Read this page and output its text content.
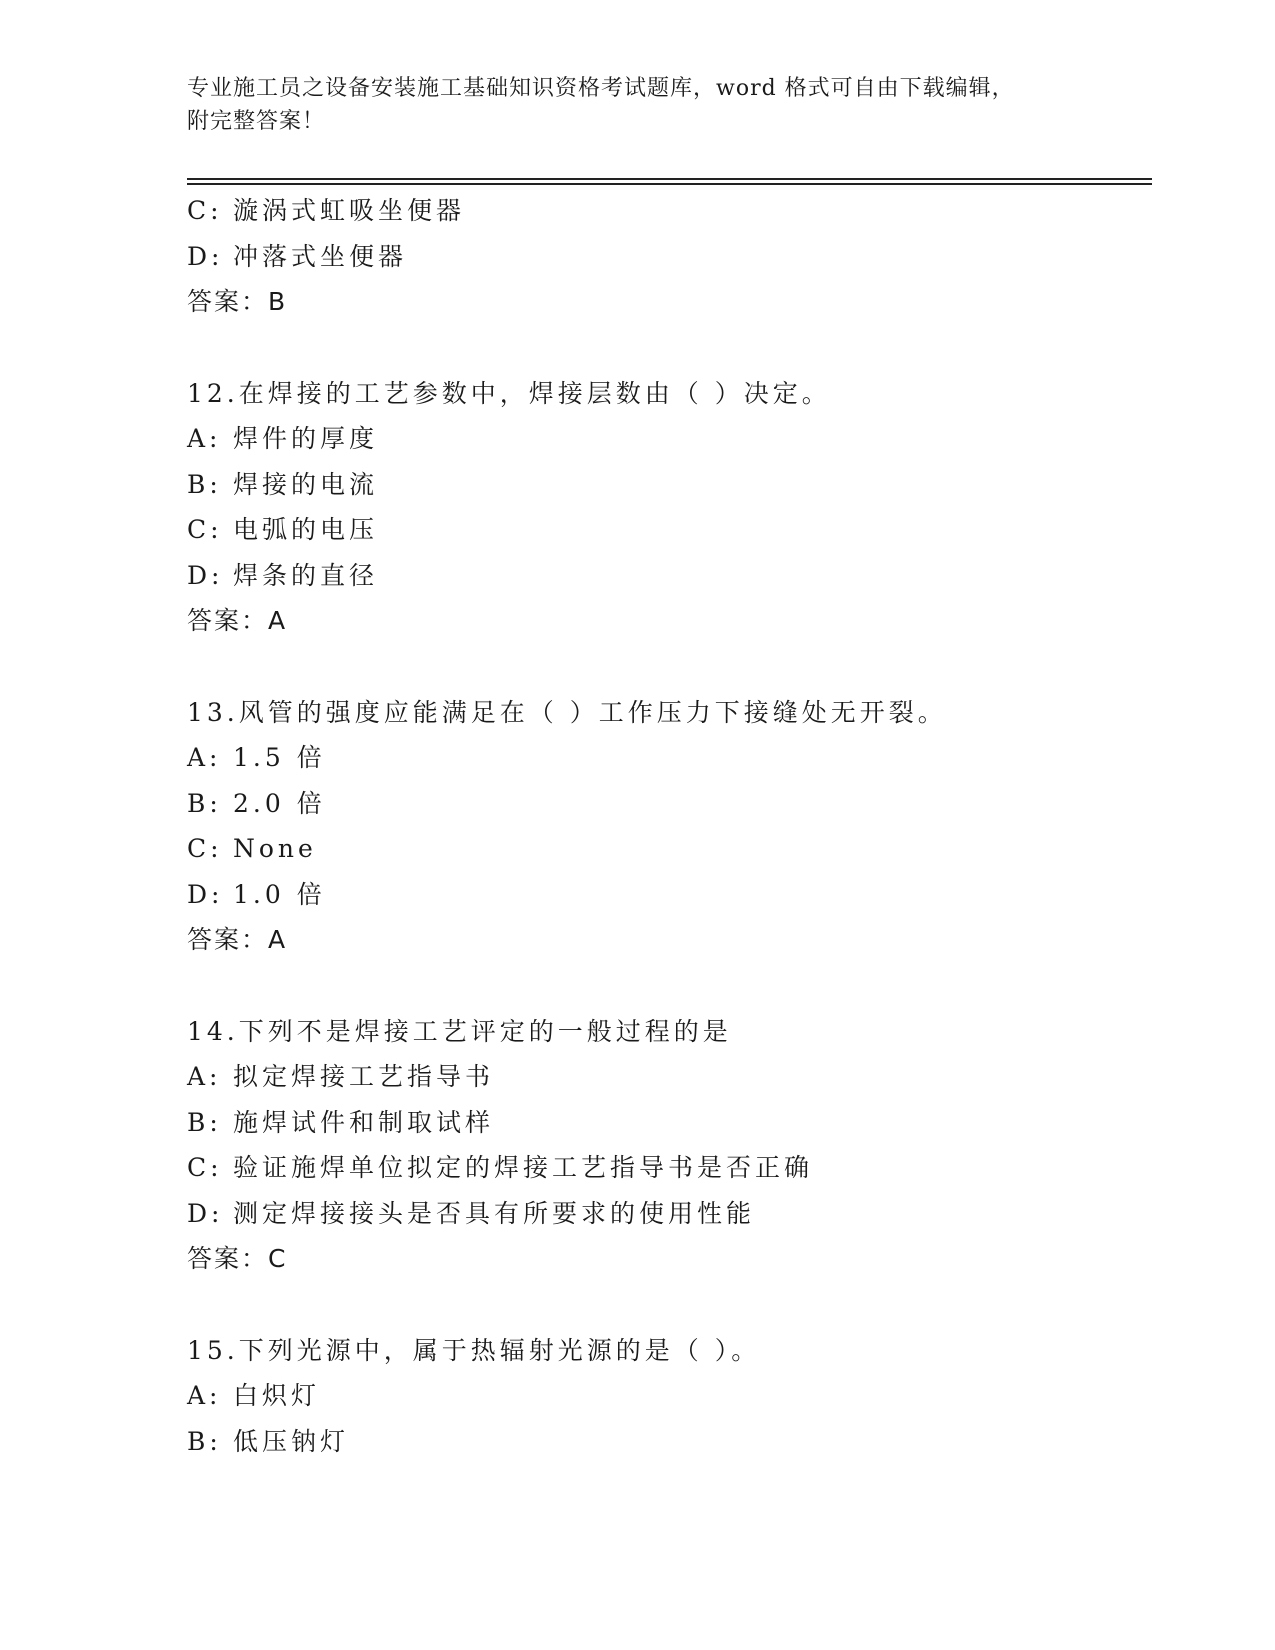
专业施工员之设备安装施工基础知识资格考试题库，word 格式可自由下载编辑，
附完整答案！
C: 漩涡式虹吸坐便器
D: 冲落式坐便器
答案：B
12.在焊接的工艺参数中，焊接层数由（ ）决定。
A: 焊件的厚度
B: 焊接的电流
C: 电弧的电压
D: 焊条的直径
答案：A
13.风管的强度应能满足在（ ）工作压力下接缝处无开裂。
A: 1.5 倍
B: 2.0 倍
C: None
D: 1.0 倍
答案：A
14.下列不是焊接工艺评定的一般过程的是
A: 拟定焊接工艺指导书
B: 施焊试件和制取试样
C: 验证施焊单位拟定的焊接工艺指导书是否正确
D: 测定焊接接头是否具有所要求的使用性能
答案：C
15.下列光源中，属于热辐射光源的是（ ）。
A: 白炽灯
B: 低压钠灯
